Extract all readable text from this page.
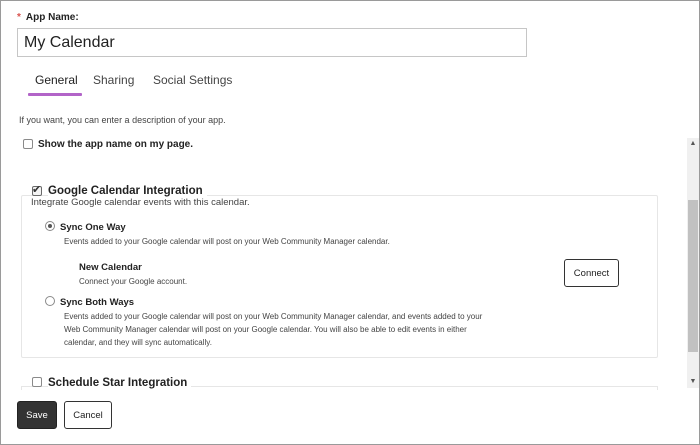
* App Name:
My Calendar
General Sharing Social Settings
If you want, you can enter a description of your app.
Show the app name on my page.
✔ Google Calendar Integration
Integrate Google calendar events with this calendar.
Sync One Way
Events added to your Google calendar will post on your Web Community Manager calendar.
New Calendar
Connect your Google account.
Connect
Sync Both Ways
Events added to your Google calendar will post on your Web Community Manager calendar, and events added to your
Web Community Manager calendar will post on your Google calendar. You will also be able to edit events in either
calendar, and they will sync automatically.
Schedule Star Integration
▲
▼
Save	Cancel
